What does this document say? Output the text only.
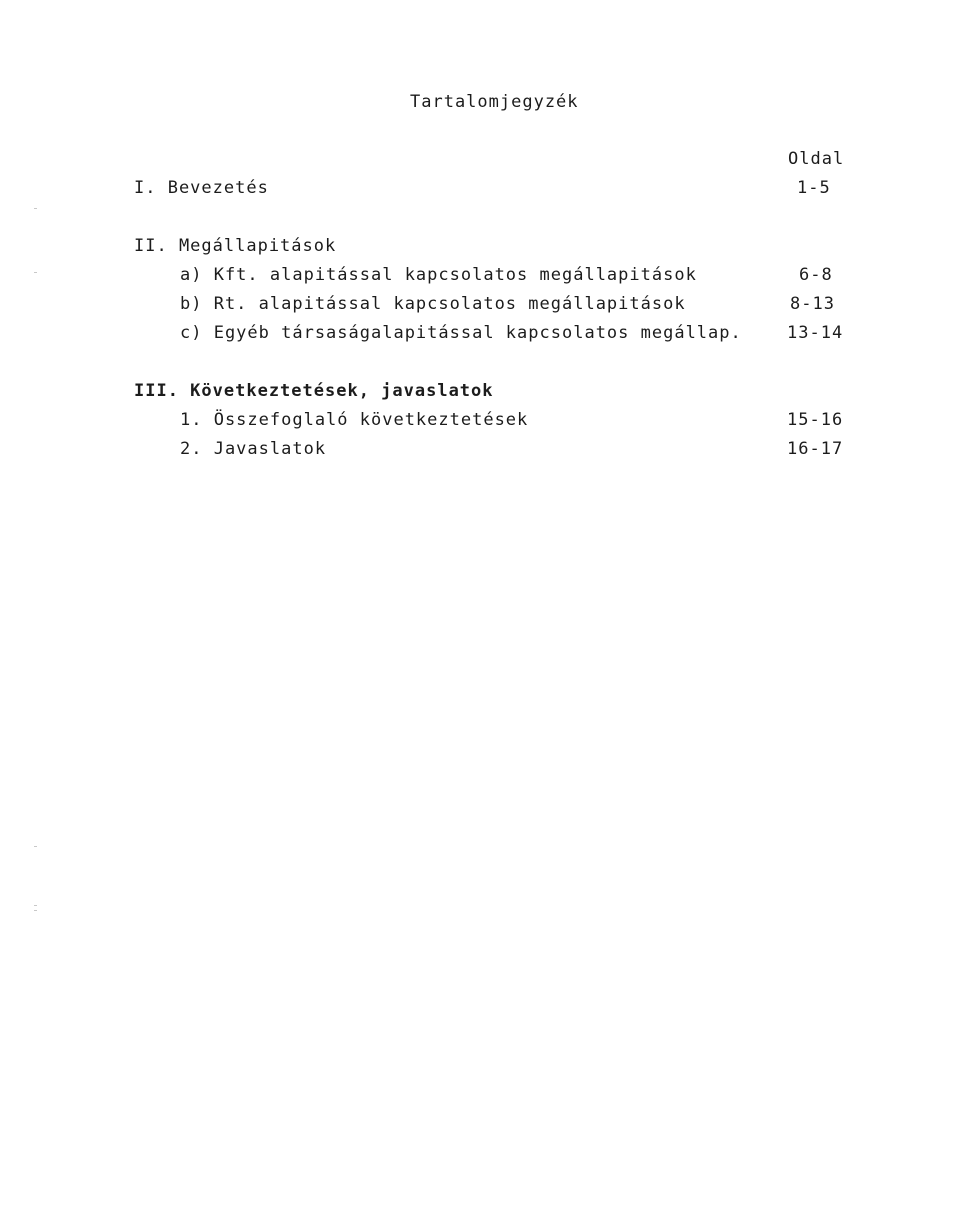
Tartalomjegyzék
Oldal
I. Bevezetés	1-5
II. Megállapitások
a) Kft. alapitással kapcsolatos megállapitások	6-8
b) Rt. alapitással kapcsolatos megállapitások	8-13
c) Egyéb társaságalapitással kapcsolatos megállap.	13-14
III. Következtetések, javaslatok
1. Összefoglaló következtetések	15-16
2. Javaslatok	16-17
